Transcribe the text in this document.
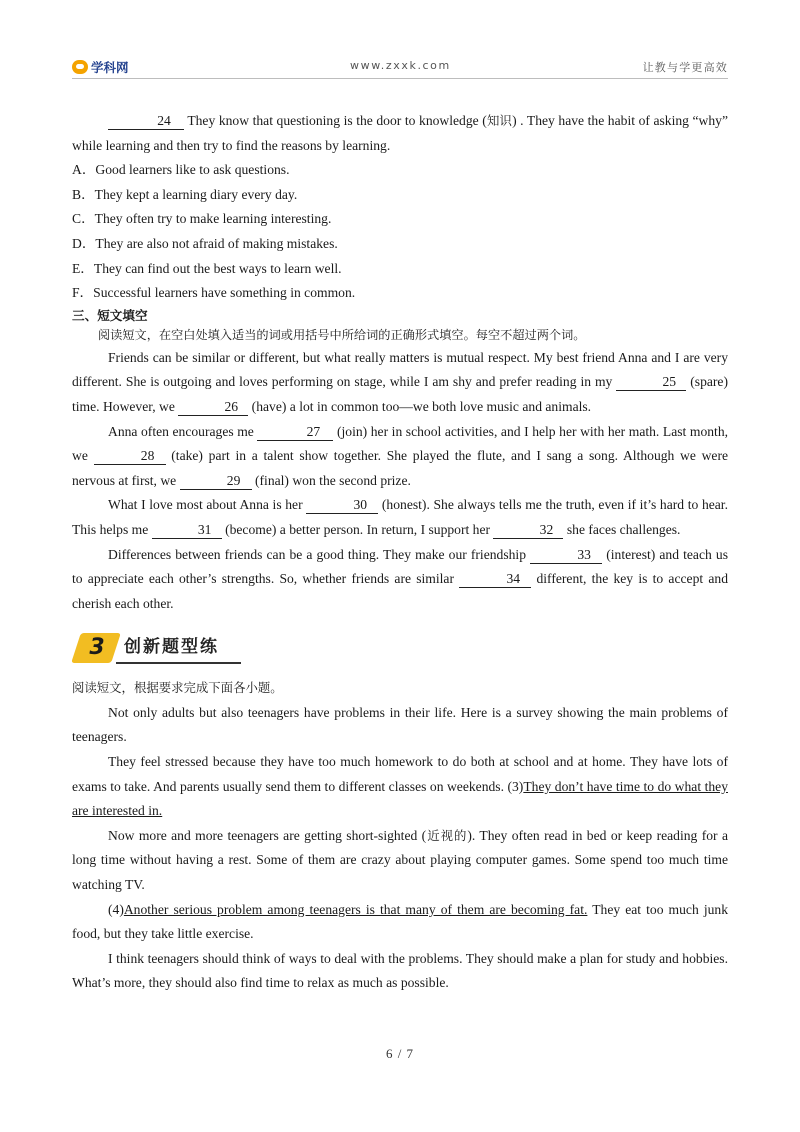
学科网	www.zxxk.com	让教与学更高效

24 They know that questioning is the door to knowledge (知识) . They have the habit of asking “why” while learning and then try to find the reasons by learning.

A．Good learners like to ask questions.

B．They kept a learning diary every day.

C．They often try to make learning interesting.

D．They are also not afraid of making mistakes.

E．They can find out the best ways to learn well.

F．Successful learners have something in common.

三、短文填空

阅读短文，在空白处填入适当的词或用括号中所给词的正确形式填空。每空不超过两个词。

Friends can be similar or different, but what really matters is mutual respect. My best friend Anna and I are very different. She is outgoing and loves performing on stage, while I am shy and prefer reading in my	25 (spare) time. However, we	26 (have) a lot in common too—we both love music and animals.

Anna often encourages me	27 (join) her in school activities, and I help her with her math. Last month, we	28 (take) part in a talent show together. She played the flute, and I sang a song. Although we were nervous at first, we	29 (final) won the second prize.

What I love most about Anna is her	30 (honest). She always tells me the truth, even if it’s hard to hear. This helps me	31 (become) a better person. In return, I support her	32 she faces challenges.

Differences between friends can be a good thing. They make our friendship	33 (interest) and teach us to appreciate each other’s strengths. So, whether friends are similar	34 different, the key is to accept and cherish each other.

3	创新题型练

阅读短文，根据要求完成下面各小题。

Not only adults but also teenagers have problems in their life. Here is a survey showing the main problems of teenagers.

They feel stressed because they have too much homework to do both at school and at home. They have lots of exams to take. And parents usually send them to different classes on weekends. (3)They don’t have time to do what they are interested in.

Now more and more teenagers are getting short-sighted (近视的). They often read in bed or keep reading for a long time without having a rest. Some of them are crazy about playing computer games. Some spend too much time watching TV.

(4)Another serious problem among teenagers is that many of them are becoming fat. They eat too much junk food, but they take little exercise.

I think teenagers should think of ways to deal with the problems. They should make a plan for study and hobbies. What’s more, they should also find time to relax as much as possible.

6 / 7
